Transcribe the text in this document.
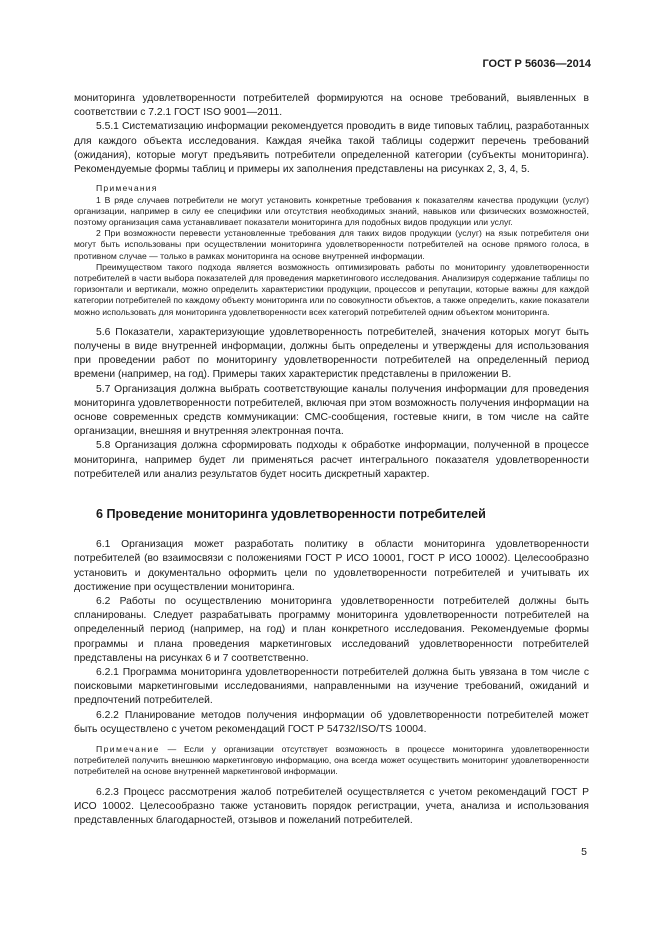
ГОСТ Р 56036—2014

мониторинга удовлетворенности потребителей формируются на основе требований, выявленных в соответствии с 7.2.1 ГОСТ ISO 9001—2011.

5.5.1 Систематизацию информации рекомендуется проводить в виде типовых таблиц, разработанных для каждого объекта исследования. Каждая ячейка такой таблицы содержит перечень требований (ожидания), которые могут предъявить потребители определенной категории (субъекты мониторинга). Рекомендуемые формы таблиц и примеры их заполнения представлены на рисунках 2, 3, 4, 5.

Примечания

1 В ряде случаев потребители не могут установить конкретные требования к показателям качества продукции (услуг) организации, например в силу ее специфики или отсутствия необходимых знаний, навыков или физических возможностей, поэтому организация сама устанавливает показатели мониторинга для подобных видов продукции или услуг.

2 При возможности перевести установленные требования для таких видов продукции (услуг) на язык потребителя они могут быть использованы при осуществлении мониторинга удовлетворенности потребителей на основе прямого голоса, в противном случае — только в рамках мониторинга на основе внутренней информации.

Преимуществом такого подхода является возможность оптимизировать работы по мониторингу удовлетворенности потребителей в части выбора показателей для проведения маркетингового исследования. Анализируя содержание таблицы по горизонтали и вертикали, можно определить характеристики продукции, процессов и репутации, которые важны для каждой категории потребителей по каждому объекту мониторинга или по совокупности объектов, а также определить, какие показатели можно использовать для мониторинга удовлетворенности всех категорий потребителей одним объектом мониторинга.

5.6 Показатели, характеризующие удовлетворенность потребителей, значения которых могут быть получены в виде внутренней информации, должны быть определены и утверждены для использования при проведении работ по мониторингу удовлетворенности потребителей на определенный период времени (например, на год). Примеры таких характеристик представлены в приложении В.

5.7 Организация должна выбрать соответствующие каналы получения информации для проведения мониторинга удовлетворенности потребителей, включая при этом возможность получения информации на основе современных средств коммуникации: СМС-сообщения, гостевые книги, в том числе на сайте организации, внешняя и внутренняя электронная почта.

5.8 Организация должна сформировать подходы к обработке информации, полученной в процессе мониторинга, например будет ли применяться расчет интегрального показателя удовлетворенности потребителей или анализ результатов будет носить дискретный характер.

6 Проведение мониторинга удовлетворенности потребителей

6.1 Организация может разработать политику в области мониторинга удовлетворенности потребителей (во взаимосвязи с положениями ГОСТ Р ИСО 10001, ГОСТ Р ИСО 10002). Целесообразно установить и документально оформить цели по удовлетворенности потребителей и учитывать их достижение при осуществлении мониторинга.

6.2 Работы по осуществлению мониторинга удовлетворенности потребителей должны быть спланированы. Следует разрабатывать программу мониторинга удовлетворенности потребителей на определенный период (например, на год) и план конкретного исследования. Рекомендуемые формы программы и плана проведения маркетинговых исследований удовлетворенности потребителей представлены на рисунках 6 и 7 соответственно.

6.2.1 Программа мониторинга удовлетворенности потребителей должна быть увязана в том числе с поисковыми маркетинговыми исследованиями, направленными на изучение требований, ожиданий и предпочтений потребителей.

6.2.2 Планирование методов получения информации об удовлетворенности потребителей может быть осуществлено с учетом рекомендаций ГОСТ Р 54732/ISO/TS 10004.

Примечание — Если у организации отсутствует возможность в процессе мониторинга удовлетворенности потребителей получить внешнюю маркетинговую информацию, она всегда может осуществить мониторинг удовлетворенности потребителей на основе внутренней маркетинговой информации.

6.2.3 Процесс рассмотрения жалоб потребителей осуществляется с учетом рекомендаций ГОСТ Р ИСО 10002. Целесообразно также установить порядок регистрации, учета, анализа и использования представленных благодарностей, отзывов и пожеланий потребителей.

5
